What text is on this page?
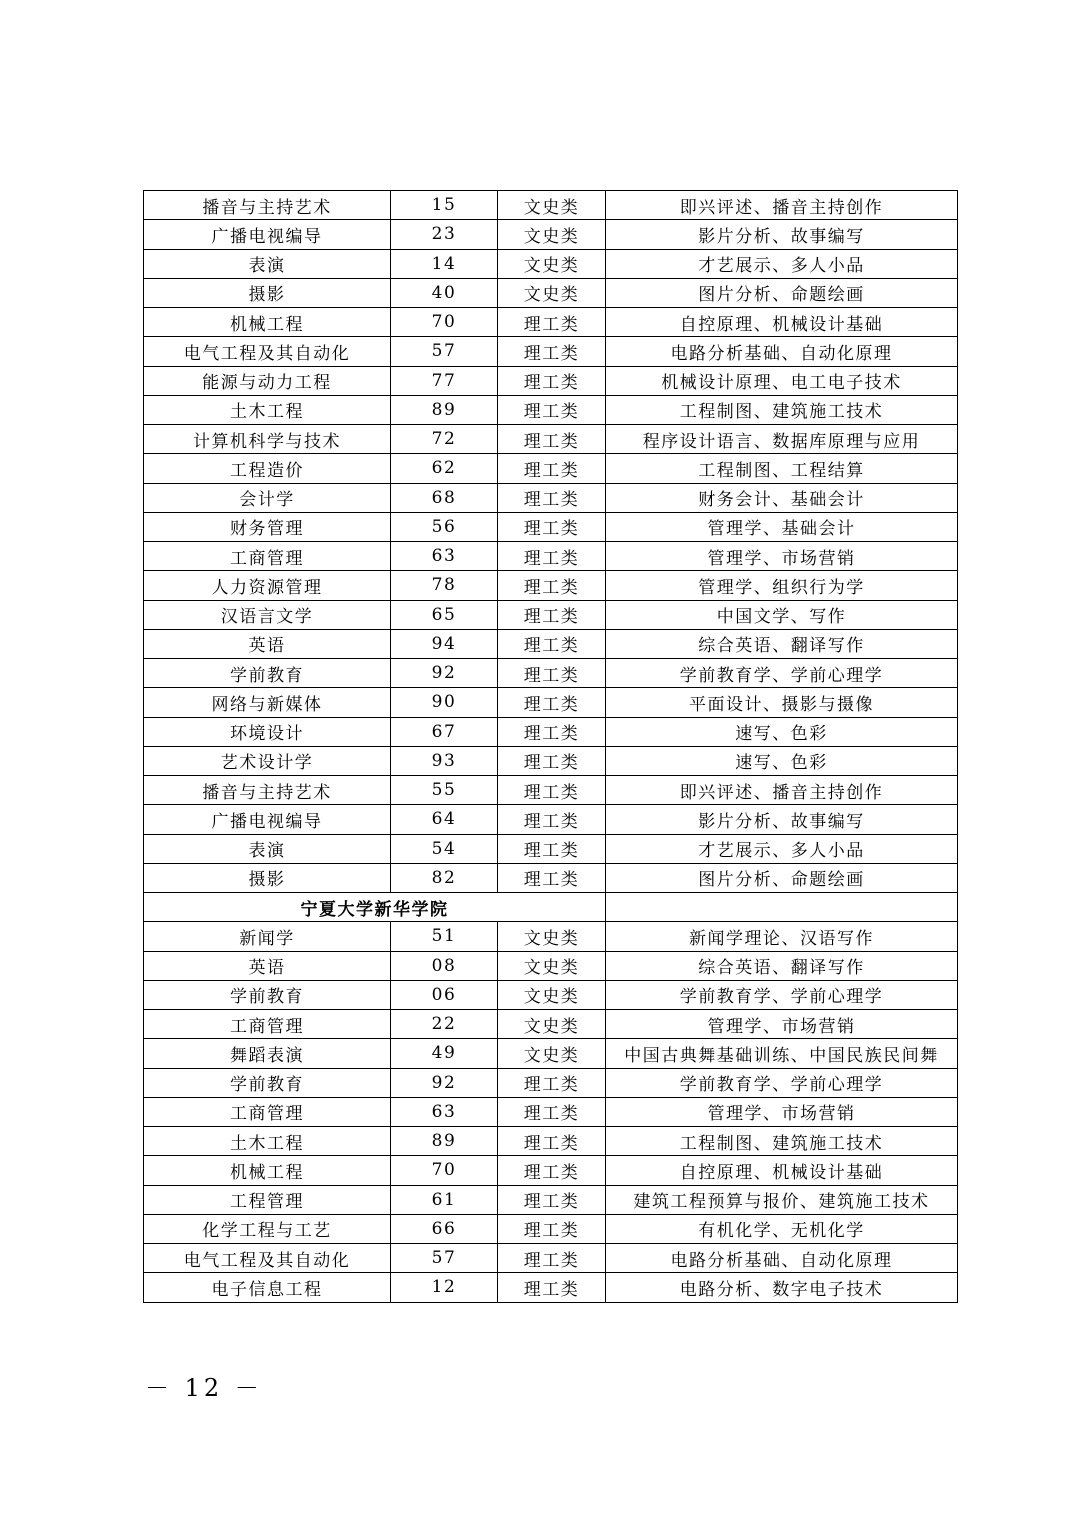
播音与主持艺术	15	文史类	即兴评述、播音主持创作
广播电视编导	23	文史类	影片分析、故事编写
表演	14	文史类	才艺展示、多人小品
摄影	40	文史类	图片分析、命题绘画
机械工程	70	理工类	自控原理、机械设计基础
电气工程及其自动化	57	理工类	电路分析基础、自动化原理
能源与动力工程	77	理工类	机械设计原理、电工电子技术
土木工程	89	理工类	工程制图、建筑施工技术
计算机科学与技术	72	理工类	程序设计语言、数据库原理与应用
工程造价	62	理工类	工程制图、工程结算
会计学	68	理工类	财务会计、基础会计
财务管理	56	理工类	管理学、基础会计
工商管理	63	理工类	管理学、市场营销
人力资源管理	78	理工类	管理学、组织行为学
汉语言文学	65	理工类	中国文学、写作
英语	94	理工类	综合英语、翻译写作
学前教育	92	理工类	学前教育学、学前心理学
网络与新媒体	90	理工类	平面设计、摄影与摄像
环境设计	67	理工类	速写、色彩
艺术设计学	93	理工类	速写、色彩
播音与主持艺术	55	理工类	即兴评述、播音主持创作
广播电视编导	64	理工类	影片分析、故事编写
表演	54	理工类	才艺展示、多人小品
摄影	82	理工类	图片分析、命题绘画
宁夏大学新华学院			
新闻学	51	文史类	新闻学理论、汉语写作
英语	08	文史类	综合英语、翻译写作
学前教育	06	文史类	学前教育学、学前心理学
工商管理	22	文史类	管理学、市场营销
舞蹈表演	49	文史类	中国古典舞基础训练、中国民族民间舞
学前教育	92	理工类	学前教育学、学前心理学
工商管理	63	理工类	管理学、市场营销
土木工程	89	理工类	工程制图、建筑施工技术
机械工程	70	理工类	自控原理、机械设计基础
工程管理	61	理工类	建筑工程预算与报价、建筑施工技术
化学工程与工艺	66	理工类	有机化学、无机化学
电气工程及其自动化	57	理工类	电路分析基础、自动化原理
电子信息工程	12	理工类	电路分析、数字电子技术
－ 12 －
